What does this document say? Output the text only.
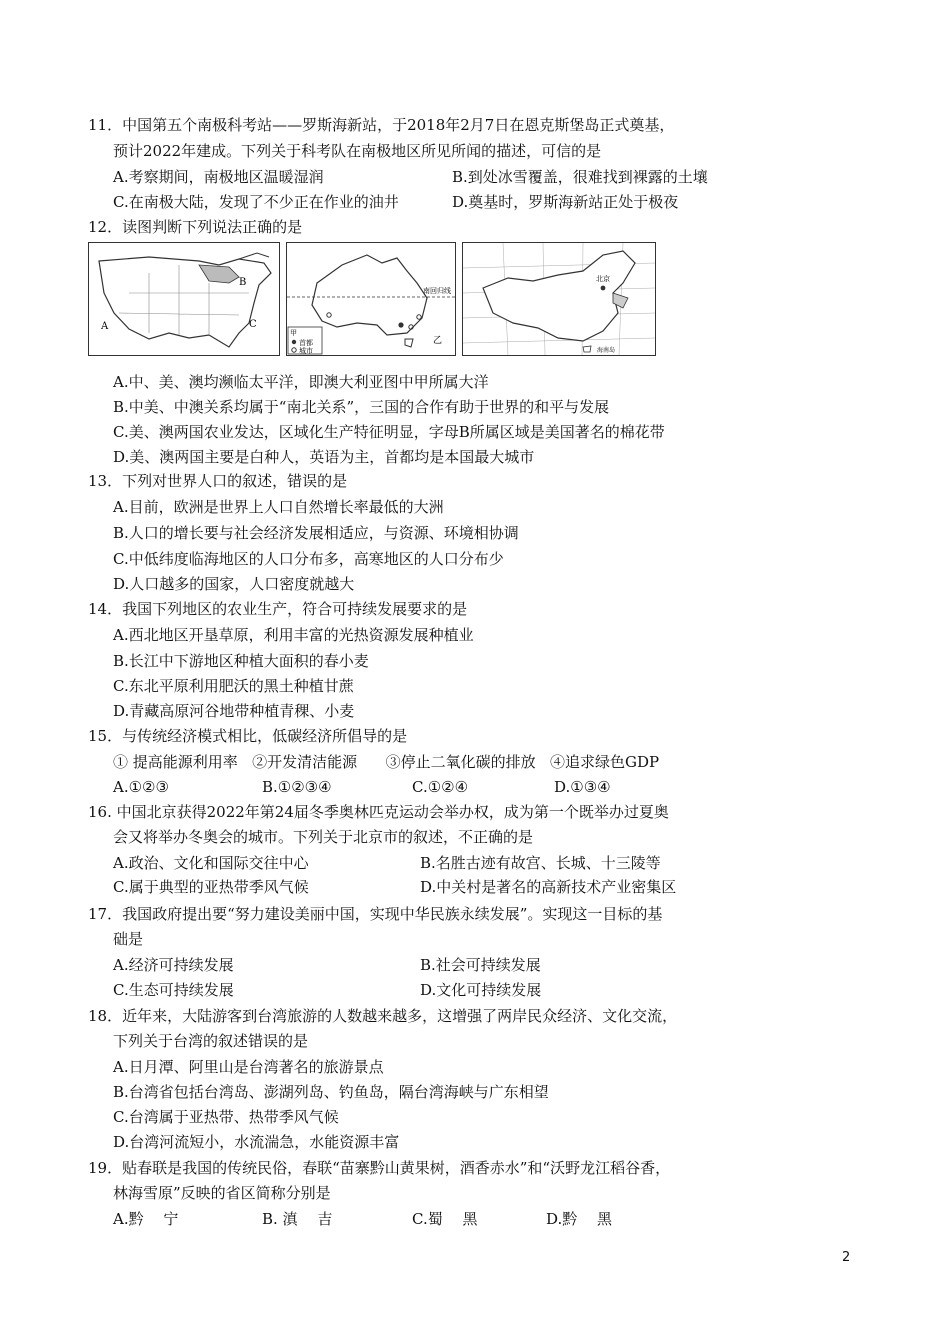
11．中国第五个南极科考站——罗斯海新站，于2018年2月7日在恩克斯堡岛正式奠基，
预计2022年建成。下列关于科考队在南极地区所见所闻的描述，可信的是
A.考察期间，南极地区温暖湿润	B.到处冰雪覆盖，很难找到裸露的土壤
C.在南极大陆，发现了不少正在作业的油井	D.奠基时，罗斯海新站正处于极夜
12．读图判断下列说法正确的是
A
B
C
南回归线
甲
首都
城市
乙
北京
海南岛
A.中、美、澳均濒临太平洋，即澳大利亚图中甲所属大洋
B.中美、中澳关系均属于“南北关系”，三国的合作有助于世界的和平与发展
C.美、澳两国农业发达，区域化生产特征明显，字母B所属区域是美国著名的棉花带
D.美、澳两国主要是白种人，英语为主，首都均是本国最大城市
13．下列对世界人口的叙述，错误的是
A.目前，欧洲是世界上人口自然增长率最低的大洲
B.人口的增长要与社会经济发展相适应，与资源、环境相协调
C.中低纬度临海地区的人口分布多，高寒地区的人口分布少
D.人口越多的国家，人口密度就越大
14．我国下列地区的农业生产，符合可持续发展要求的是
A.西北地区开垦草原，利用丰富的光热资源发展种植业
B.长江中下游地区种植大面积的春小麦
C.东北平原利用肥沃的黑土种植甘蔗
D.青藏高原河谷地带种植青稞、小麦
15．与传统经济模式相比，低碳经济所倡导的是
① 提高能源利用率   ②开发清洁能源      ③停止二氧化碳的排放   ④追求绿色GDP
A.①②③	B.①②③④	C.①②④	D.①③④
16. 中国北京获得2022年第24届冬季奥林匹克运动会举办权，成为第一个既举办过夏奥
会又将举办冬奥会的城市。下列关于北京市的叙述，不正确的是
A.政治、文化和国际交往中心	B.名胜古迹有故宫、长城、十三陵等
C.属于典型的亚热带季风气候	D.中关村是著名的高新技术产业密集区
17．我国政府提出要“努力建设美丽中国，实现中华民族永续发展”。实现这一目标的基
础是
A.经济可持续发展	B.社会可持续发展
C.生态可持续发展	D.文化可持续发展
18．近年来，大陆游客到台湾旅游的人数越来越多，这增强了两岸民众经济、文化交流，
下列关于台湾的叙述错误的是
A.日月潭、阿里山是台湾著名的旅游景点
B.台湾省包括台湾岛、澎湖列岛、钓鱼岛，隔台湾海峡与广东相望
C.台湾属于亚热带、热带季风气候
D.台湾河流短小，水流湍急，水能资源丰富
19．贴春联是我国的传统民俗，春联“苗寨黔山黄果树，酒香赤水”和“沃野龙江稻谷香，
林海雪原”反映的省区简称分别是
A.黔　 宁	B. 滇　 吉	C.蜀　 黑	D.黔　 黑
2
